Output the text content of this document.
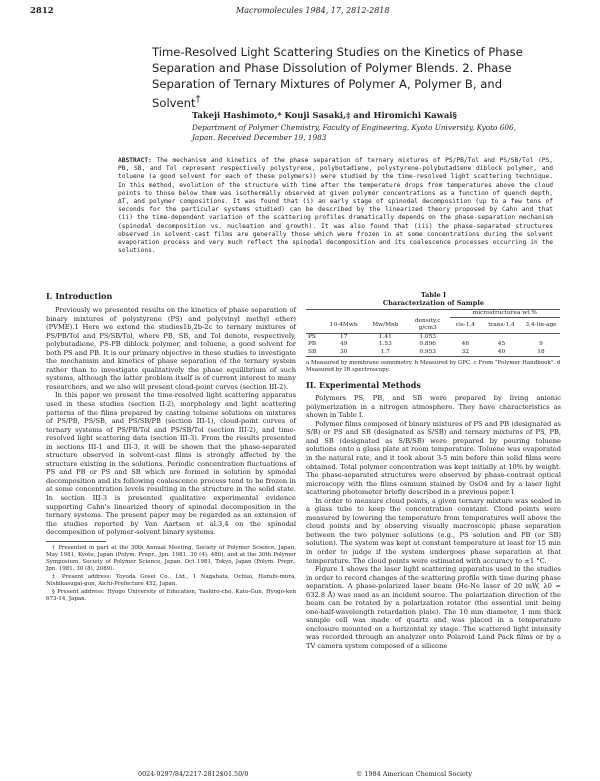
2812	Macromolecules 1984, 17, 2812-2818
Time-Resolved Light Scattering Studies on the Kinetics of Phase Separation and Phase Dissolution of Polymer Blends. 2. Phase Separation of Ternary Mixtures of Polymer A, Polymer B, and Solvent†
Takeji Hashimoto,* Kouji Sasaki,‡ and Hiromichi Kawai§
Department of Polymer Chemistry, Faculty of Engineering, Kyoto University, Kyoto 606, Japan. Received December 19, 1983
ABSTRACT: The mechanism and kinetics of the phase separation of ternary mixtures of PS/PB/Tol and PS/SB/Tol (PS, PB, SB, and Tol represent respectively polystyrene, polybutadiene, polystyrene-polybutadiene diblock polymer, and toluene (a good solvent for each of these polymers)) were studied by the time-resolved light scattering technique. In this method, evolution of the structure with time after the temperature drops from temperatures above the cloud points to those below them was isothermally observed at given polymer concentrations as a function of quench depth, ΔT, and polymer compositions. It was found that (i) an early stage of spinodal decomposition (up to a few tens of seconds for the particular systems studied) can be described by the linearized theory proposed by Cahn and that (ii) the time-dependent variation of the scattering profiles dramatically depends on the phase-separation mechanism (spinodal decomposition vs. nucleation and growth). It was also found that (iii) the phase-separated structures observed in solvent-cast films are generally those which were frozen in at some concentrations during the solvent evaporation process and very much reflect the spinodal decomposition and its coalescence processes occurring in the solutions.
I. Introduction

Previously we presented results on the kinetics of phase separation of binary mixtures of polystyrene (PS) and poly(vinyl methyl ether) (PVME).1 Here we extend the studies1b,2b-2c to ternary mixtures of PS/PB/Tol and PS/SB/Tol, where PB, SB, and Tol denote, respectively, polybutadiene, PS-PB diblock polymer, and toluene, a good solvent for both PS and PB. It is our primary objective in these studies to investigate the mechanism and kinetics of phase separation of the ternary system rather than to investigate qualitatively the phase equilibrium of such systems, although the latter problem itself is of current interest to many researchers, and we also will present cloud-point curves (section III-2).

In this paper we present the time-resolved light scattering apparatus used in these studies (section II-2), morphology and light scattering patterns of the films prepared by casting toluene solutions on mixtures of PS/PB, PS/SB, and PS/SB/PB (section III-1), cloud-point curves of ternary systems of PS/PB/Tol and PS/SB/Tol (section III-2), and time-resolved light scattering data (section III-3). From the results presented in sections III-1 and III-3, it will be shown that the phase-separated structure observed in solvent-cast films is strongly affected by the structure existing in the solutions. Periodic concentration fluctuations of PS and PB or PS and SB which are formed in solution by spinodal decomposition and its following coalescence process tend to be frozen in at some concentration levels resulting in the structure in the solid state. In section III-3 is presented qualitative experimental evidence supporting Cahn's linearized theory of spinodal decomposition in the ternary systems. The present paper may be regarded as an extension of the studies reported by Van Aartsen et al.3,4 on the spinodal decomposition of polymer-solvent binary systems.

† Presented in part at the 30th Annual Meeting, Society of Polymer Science, Japan, May 1981, Kyoto, Japan (Polym. Prepr., Jpn. 1981, 30 (4), 480), and at the 30th Polymer Symposium, Society of Polymer Science, Japan, Oct 1981, Tokyo, Japan (Polym. Prepr., Jpn. 1981, 30 (8), 2089).

‡ Present address: Toyoda Gosei Co., Ltd., 1 Nagahata, Ochiai, Haruhi-mura, Nishikasugai-gun, Aichi-Prefecture 452, Japan.

§ Present address: Hyogo University of Education, Yashiro-cho, Kato-Gun, Hyogo-ken 673-14, Japan.

Table I
Characterization of Sample
				microstructurea wt %		
	10-4Mwb	Mw/Mnb	density,c g/cm3	cis-1,4	trans-1,4	3,4-lin-age
PS	17	1.41	1.053			
PB	49	1.53	0.896	46	45	9
SB	30	1.7	0.953	32	40	18
a Measured by membrane osmometry. b Measured by GPC. c From "Polymer Handbook". d Measured by IR spectroscopy.
II. Experimental Methods

Polymers PS, PB, and SB were prepared by living anionic polymerization in a nitrogen atmosphere. They have characteristics as shown in Table I.

Polymer films composed of binary mixtures of PS and PB (designated as S/B) or PS and SB (designated as S/SB) and ternary mixtures of PS, PB, and SB (designated as S/B/SB) were prepared by pouring toluene solutions onto a glass plate at room temperature. Toluene was evaporated in the natural rate, and it took about 3-5 min before thin solid films were obtained. Total polymer concentration was kept initially at 10% by weight. The phase-separated structures were observed by phase-contrast optical microscopy with the films osmium stained by OsO4 and by a laser light scattering photometer briefly described in a previous paper.1

In order to measure cloud points, a given ternary mixture was sealed in a glass tube to keep the concentration constant. Cloud points were measured by lowering the temperature from temperatures well above the cloud points and by observing visually macroscopic phase separation between the two polymer solutions (e.g., PS solution and PB (or SB) solution). The system was kept at constant temperature at least for 15 min in order to judge if the system undergoes phase separation at that temperature. The cloud points were estimated with accuracy to ±1 °C.

Figure 1 shows the laser light scattering apparatus used in the studies in order to record changes of the scattering profile with time during phase separation. A phase-polarized laser beam (He-Ne laser of 20 mW, λ0 = 632.8 Å) was used as an incident source. The polarization direction of the beam can be rotated by a polarization rotator (the essential unit being one-half-wavelength retardation plate). The 10 mm diameter, 1 mm thick sample cell was made of quartz and was placed in a temperature enclosure mounted on a horizontal xy stage. The scattered light intensity was recorded through an analyzer onto Polaroid Land Pack films or by a TV camera system composed of a silicone

0024-9297/84/2217-2812$01.50/0	© 1984 American Chemical Society
